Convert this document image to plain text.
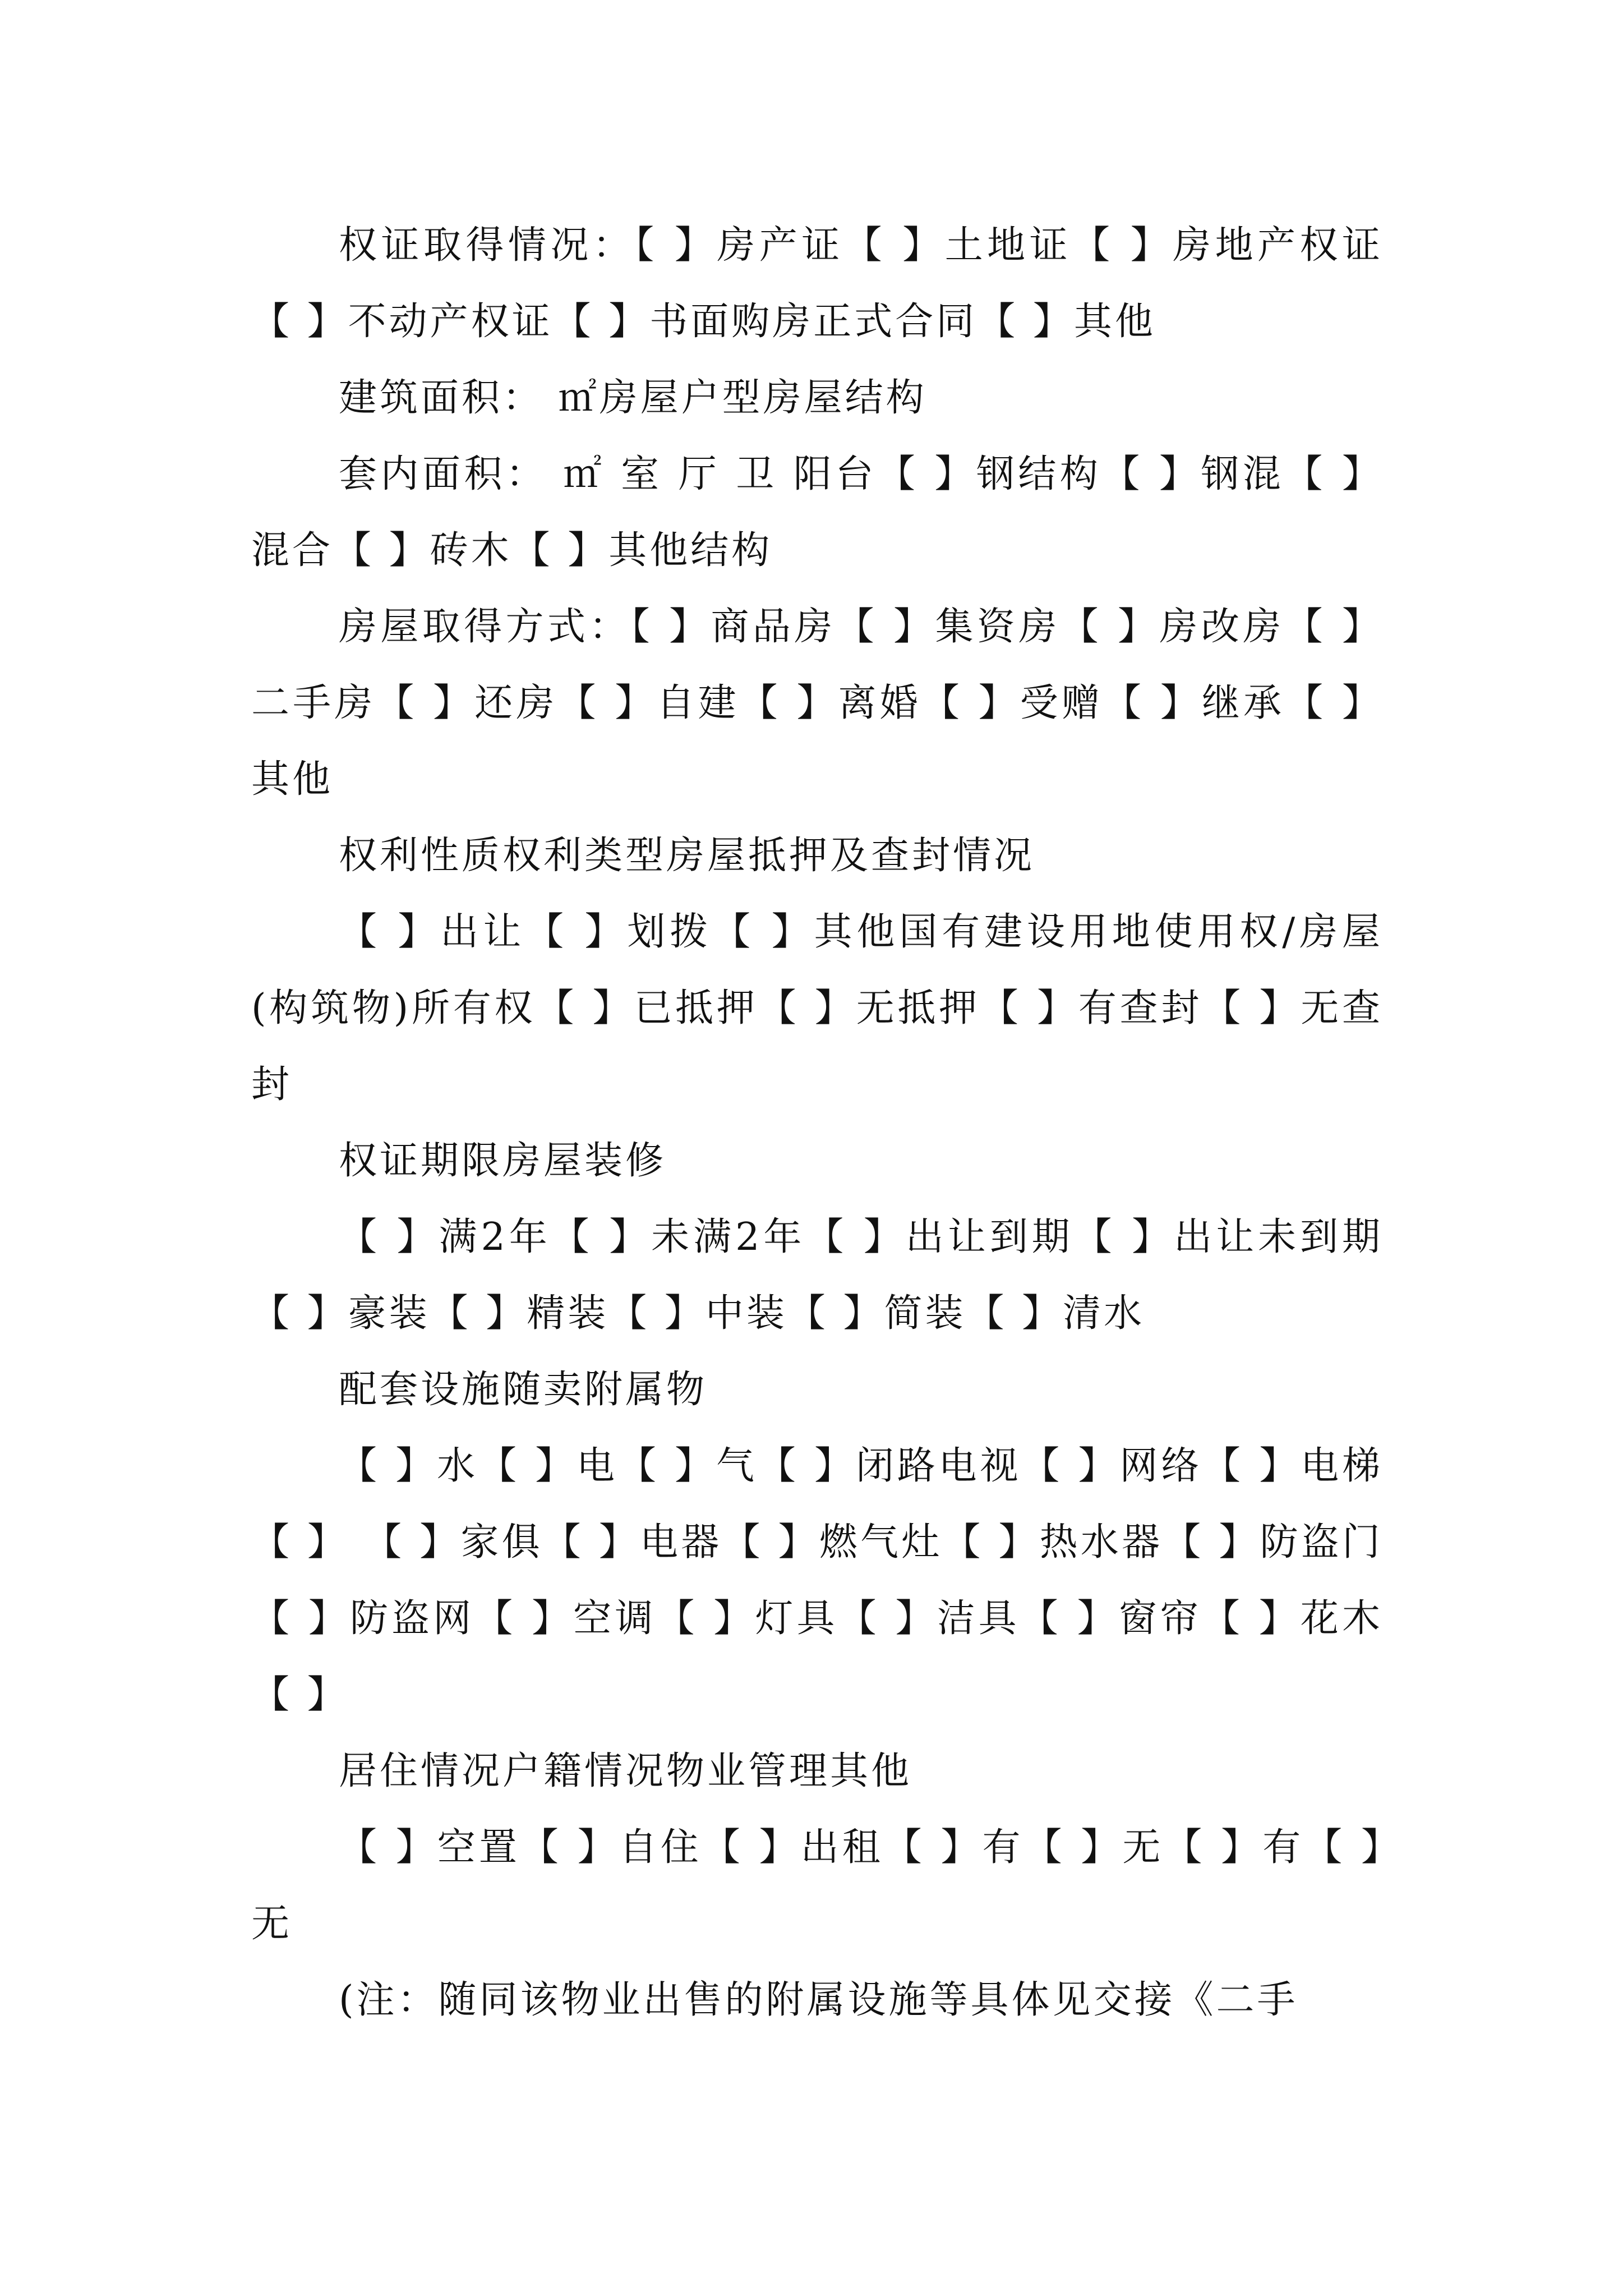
权证取得情况：【 】房产证【 】土地证【 】房地产权证【 】不动产权证【 】书面购房正式合同【 】其他

建筑面积： ㎡房屋户型房屋结构

套内面积： ㎡ 室 厅 卫 阳台【 】钢结构【 】钢混【 】混合【 】砖木【 】其他结构

房屋取得方式：【 】商品房【 】集资房【 】房改房【 】二手房【 】还房【 】自建【 】离婚【 】受赠【 】继承【 】其他

权利性质权利类型房屋抵押及查封情况

【 】出让【 】划拨【 】其他国有建设用地使用权/房屋(构筑物)所有权【 】已抵押【 】无抵押【 】有查封【 】无查封

权证期限房屋装修

【 】满2年【 】未满2年【 】出让到期【 】出让未到期【 】豪装【 】精装【 】中装【 】简装【 】清水

配套设施随卖附属物

【 】水【 】电【 】气【 】闭路电视【 】网络【 】电梯【 】 【 】家俱【 】电器【 】燃气灶【 】热水器【 】防盗门【 】防盗网【 】空调【 】灯具【 】洁具【 】窗帘【 】花木【 】

居住情况户籍情况物业管理其他

【 】空置【 】自住【 】出租【 】有【 】无【 】有【 】无

(注：随同该物业出售的附属设施等具体见交接《二手
